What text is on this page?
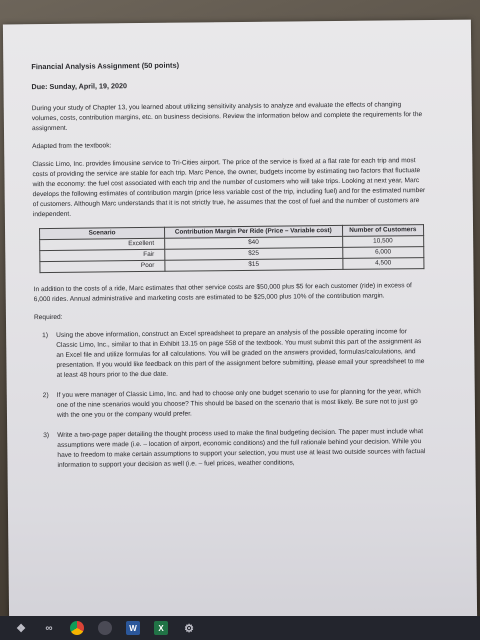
Financial Analysis Assignment (50 points)

Due: Sunday, April, 19, 2020

During your study of Chapter 13, you learned about utilizing sensitivity analysis to analyze and evaluate the effects of changing volumes, costs, contribution margins, etc. on business decisions. Review the information below and complete the requirements for the assignment.

Adapted from the textbook:

Classic Limo, Inc. provides limousine service to Tri-Cities airport. The price of the service is fixed at a flat rate for each trip and most costs of providing the service are stable for each trip. Marc Pence, the owner, budgets income by estimating two factors that fluctuate with the economy: the fuel cost associated with each trip and the number of customers who will take trips. Looking at next year, Marc develops the following estimates of contribution margin (price less variable cost of the trip, including fuel) and for the estimated number of customers. Although Marc understands that it is not strictly true, he assumes that the cost of fuel and the number of customers are independent.

Scenario	Contribution Margin Per Ride (Price – Variable cost)	Number of Customers
Excellent	$40	10,500
Fair	$25	6,000
Poor	$15	4,500

In addition to the costs of a ride, Marc estimates that other service costs are $50,000 plus $5 for each customer (ride) in excess of 6,000 rides. Annual administrative and marketing costs are estimated to be $25,000 plus 10% of the contribution margin.

Required:

1)	Using the above information, construct an Excel spreadsheet to prepare an analysis of the possible operating income for Classic Limo, Inc., similar to that in Exhibit 13.15 on page 558 of the textbook. You must submit this part of the assignment as an Excel file and utilize formulas for all calculations. You will be graded on the answers provided, formulas/calculations, and presentation. If you would like feedback on this part of the assignment before submitting, please email your spreadsheet to me at least 48 hours prior to the due date.
2)	If you were manager of Classic Limo, Inc. and had to choose only one budget scenario to use for planning for the year, which one of the nine scenarios would you choose? This should be based on the scenario that is most likely. Be sure not to just go with the one you or the company would prefer.
3)	Write a two-page paper detailing the thought process used to make the final budgeting decision. The paper must include what assumptions were made (i.e. – location of airport, economic conditions) and the full rationale behind your decision. While you have to freedom to make certain assumptions to support your selection, you must use at least two outside sources with factual information to support your decision as well (i.e. – fuel prices, weather conditions,
❖	∞	W	X	⚙
